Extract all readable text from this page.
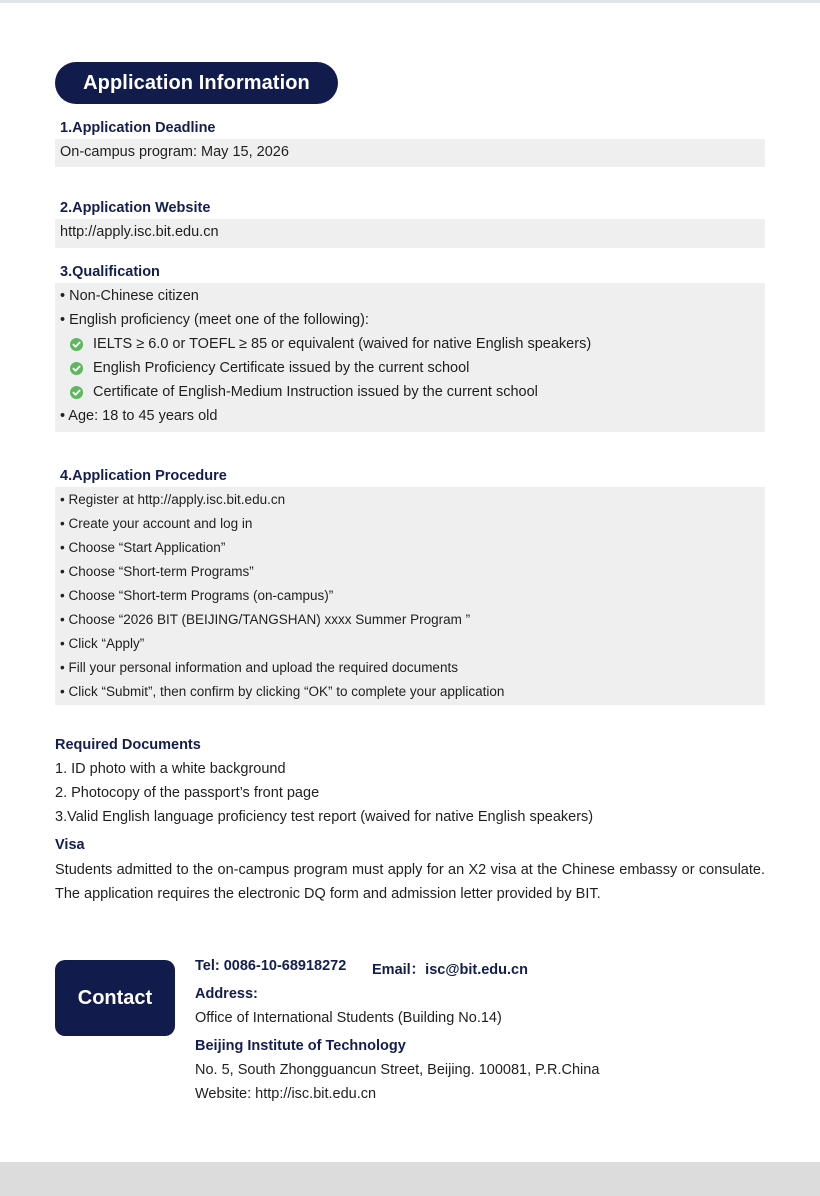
Application Information
1.Application Deadline
On-campus program: May 15, 2026
2.Application Website
http://apply.isc.bit.edu.cn
3.Qualification
• Non-Chinese citizen
• English proficiency (meet one of the following):
IELTS ≥ 6.0 or TOEFL ≥ 85 or equivalent (waived for native English speakers)
English Proficiency Certificate issued by the current school
Certificate of English-Medium Instruction issued by the current school
• Age: 18 to 45 years old
4.Application Procedure
• Register at http://apply.isc.bit.edu.cn
• Create your account and log in
• Choose “Start Application”
• Choose “Short-term Programs”
• Choose “Short-term Programs (on-campus)”
• Choose “2026 BIT (BEIJING/TANGSHAN) xxxx Summer Program ”
• Click “Apply”
• Fill your personal information and upload the required documents
• Click “Submit”, then confirm by clicking “OK” to complete your application
Required Documents
1. ID photo with a white background
2. Photocopy of the passport’s front page
3.Valid English language proficiency test report (waived for native English speakers)
Visa
Students admitted to the on-campus program must apply for an X2 visa at the Chinese embassy or consulate. The application requires the electronic DQ form and admission letter provided by BIT.
Contact
Tel: 0086-10-68918272 Email：isc@bit.edu.cn
Address:
Office of International Students (Building No.14)
Beijing Institute of Technology
No. 5, South Zhongguancun Street, Beijing. 100081, P.R.China
Website: http://isc.bit.edu.cn
